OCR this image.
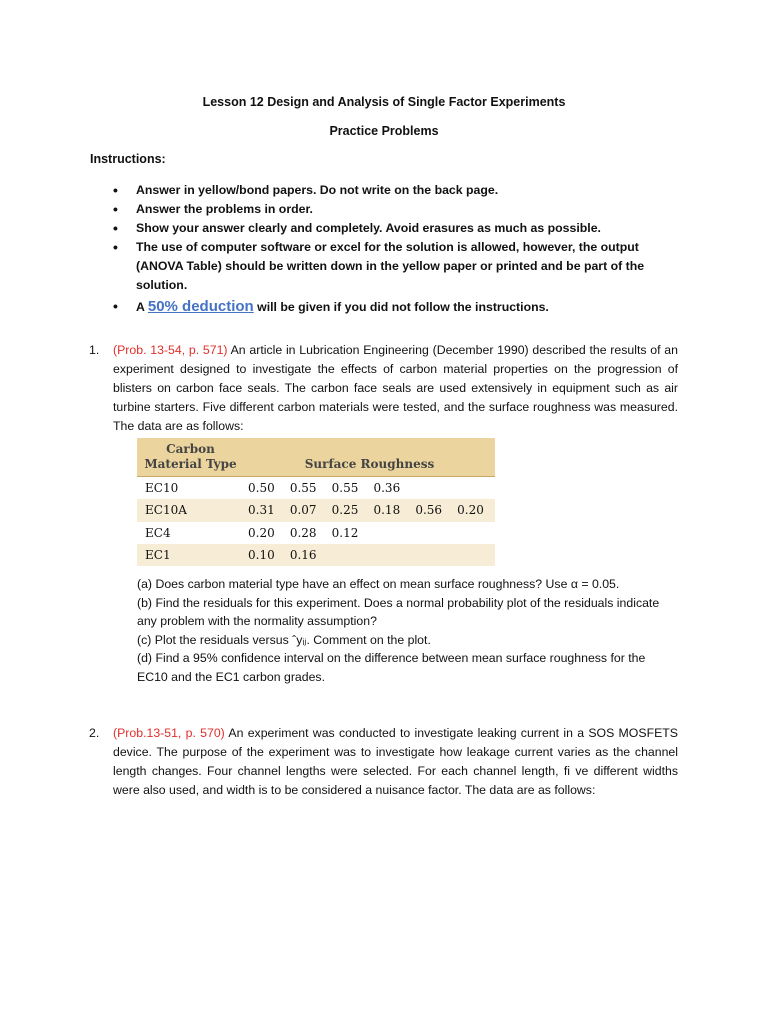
Lesson 12 Design and Analysis of Single Factor Experiments
Practice Problems
Instructions:
• Answer in yellow/bond papers. Do not write on the back page.
• Answer the problems in order.
• Show your answer clearly and completely. Avoid erasures as much as possible.
• The use of computer software or excel for the solution is allowed, however, the output (ANOVA Table) should be written down in the yellow paper or printed and be part of the solution.
• A 50% deduction will be given if you did not follow the instructions.
1. (Prob. 13-54, p. 571) An article in Lubrication Engineering (December 1990) described the results of an experiment designed to investigate the effects of carbon material properties on the progression of blisters on carbon face seals. The carbon face seals are used extensively in equipment such as air turbine starters. Five different carbon materials were tested, and the surface roughness was measured. The data are as follows:

Carbon
Material Type	Surface Roughness					
EC10	0.50	0.55	0.55	0.36		
EC10A	0.31	0.07	0.25	0.18	0.56	0.20
EC4	0.20	0.28	0.12			
EC1	0.10	0.16				

(a) Does carbon material type have an effect on mean surface roughness? Use α = 0.05.

(b) Find the residuals for this experiment. Does a normal probability plot of the residuals indicate any problem with the normality assumption?

(c) Plot the residuals versus ˆyᵢⱼ. Comment on the plot.

(d) Find a 95% confidence interval on the difference between mean surface roughness for the EC10 and the EC1 carbon grades.

2. (Prob.13-51, p. 570) An experiment was conducted to investigate leaking current in a SOS MOSFETS device. The purpose of the experiment was to investigate how leakage current varies as the channel length changes. Four channel lengths were selected. For each channel length, fi ve different widths were also used, and width is to be considered a nuisance factor. The data are as follows:
